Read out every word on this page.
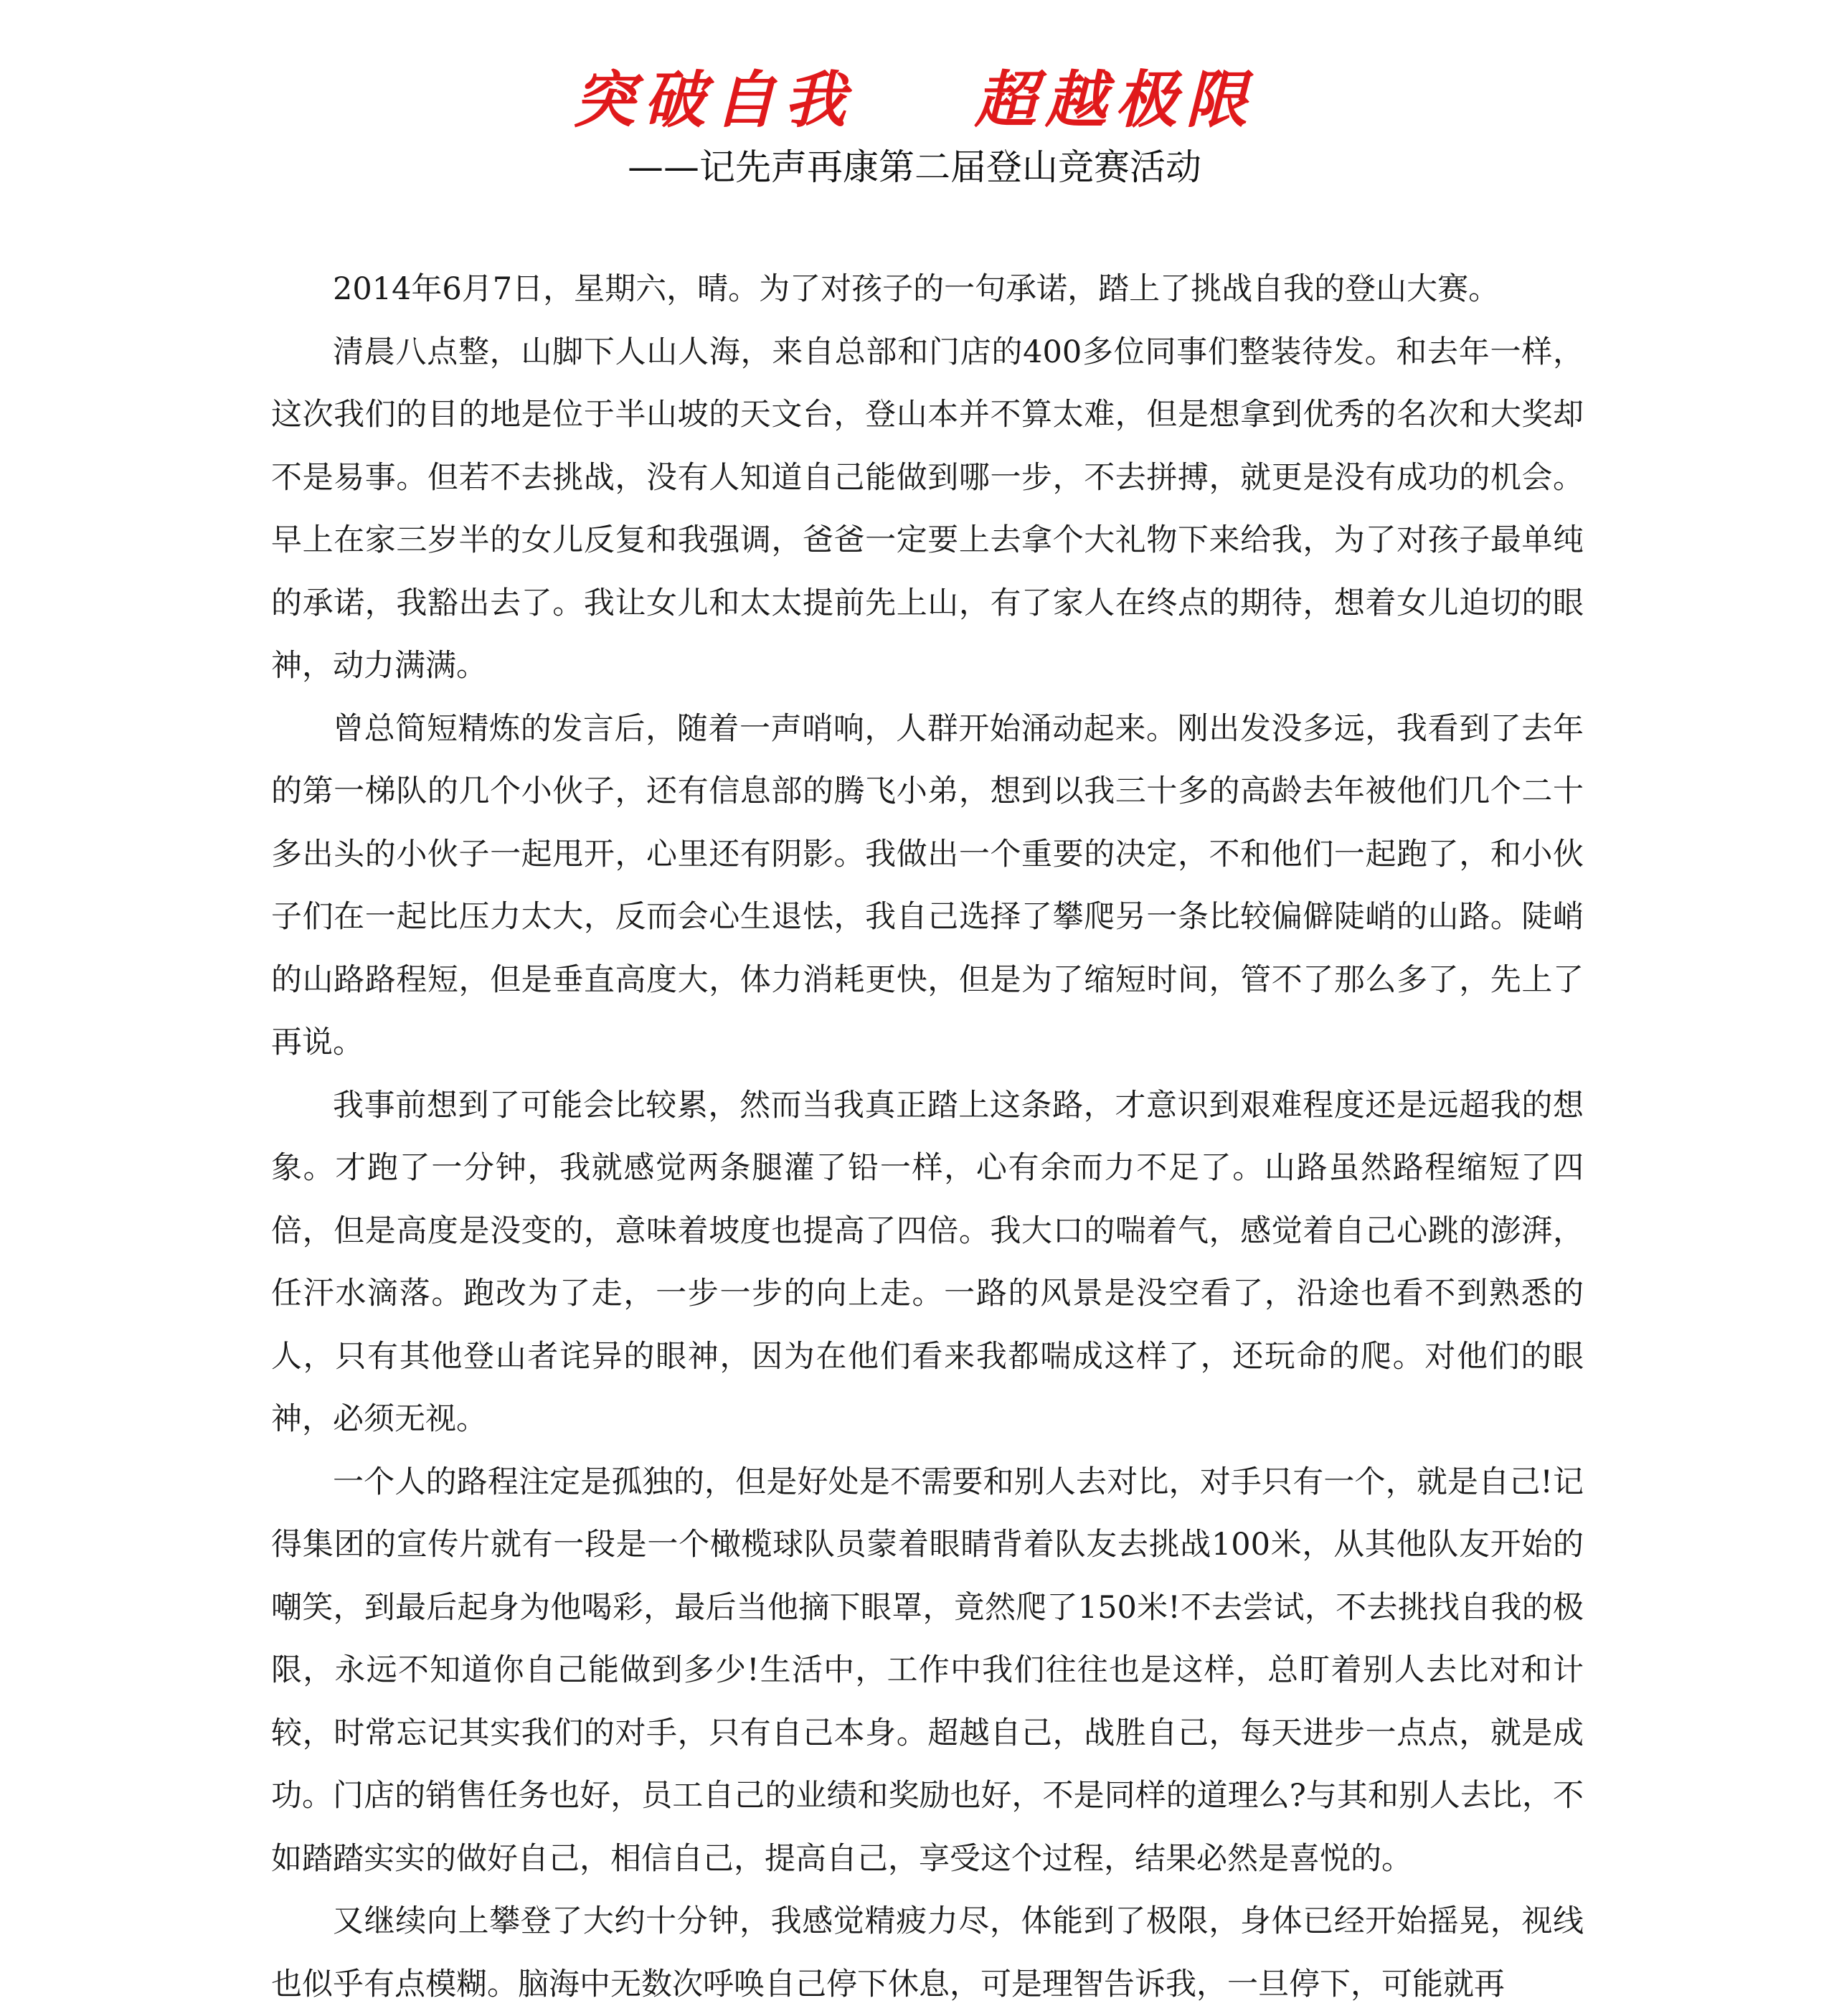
突破自我    超越极限
——记先声再康第二届登山竞赛活动

2014年6月7日，星期六，晴。为了对孩子的一句承诺，踏上了挑战自我的登山大赛。

清晨八点整，山脚下人山人海，来自总部和门店的400多位同事们整装待发。和去年一样，这次我们的目的地是位于半山坡的天文台，登山本并不算太难，但是想拿到优秀的名次和大奖却不是易事。但若不去挑战，没有人知道自己能做到哪一步，不去拼搏，就更是没有成功的机会。早上在家三岁半的女儿反复和我强调，爸爸一定要上去拿个大礼物下来给我，为了对孩子最单纯的承诺，我豁出去了。我让女儿和太太提前先上山，有了家人在终点的期待，想着女儿迫切的眼神，动力满满。

曾总简短精炼的发言后，随着一声哨响，人群开始涌动起来。刚出发没多远，我看到了去年的第一梯队的几个小伙子，还有信息部的腾飞小弟，想到以我三十多的高龄去年被他们几个二十多出头的小伙子一起甩开，心里还有阴影。我做出一个重要的决定，不和他们一起跑了，和小伙子们在一起比压力太大，反而会心生退怯，我自己选择了攀爬另一条比较偏僻陡峭的山路。陡峭的山路路程短，但是垂直高度大，体力消耗更快，但是为了缩短时间，管不了那么多了，先上了再说。

我事前想到了可能会比较累，然而当我真正踏上这条路，才意识到艰难程度还是远超我的想象。才跑了一分钟，我就感觉两条腿灌了铅一样，心有余而力不足了。山路虽然路程缩短了四倍，但是高度是没变的，意味着坡度也提高了四倍。我大口的喘着气，感觉着自己心跳的澎湃，任汗水滴落。跑改为了走，一步一步的向上走。一路的风景是没空看了，沿途也看不到熟悉的人，只有其他登山者诧异的眼神，因为在他们看来我都喘成这样了，还玩命的爬。对他们的眼神，必须无视。

一个人的路程注定是孤独的，但是好处是不需要和别人去对比，对手只有一个，就是自己!记得集团的宣传片就有一段是一个橄榄球队员蒙着眼睛背着队友去挑战100米，从其他队友开始的嘲笑，到最后起身为他喝彩，最后当他摘下眼罩，竟然爬了150米!不去尝试，不去挑找自我的极限，永远不知道你自己能做到多少!生活中，工作中我们往往也是这样，总盯着别人去比对和计较，时常忘记其实我们的对手，只有自己本身。超越自己，战胜自己，每天进步一点点，就是成功。门店的销售任务也好，员工自己的业绩和奖励也好，不是同样的道理么?与其和别人去比，不如踏踏实实的做好自己，相信自己，提高自己，享受这个过程，结果必然是喜悦的。

又继续向上攀登了大约十分钟，我感觉精疲力尽，体能到了极限，身体已经开始摇晃，视线也似乎有点模糊。脑海中无数次呼唤自己停下休息，可是理智告诉我，一旦停下，可能就再
